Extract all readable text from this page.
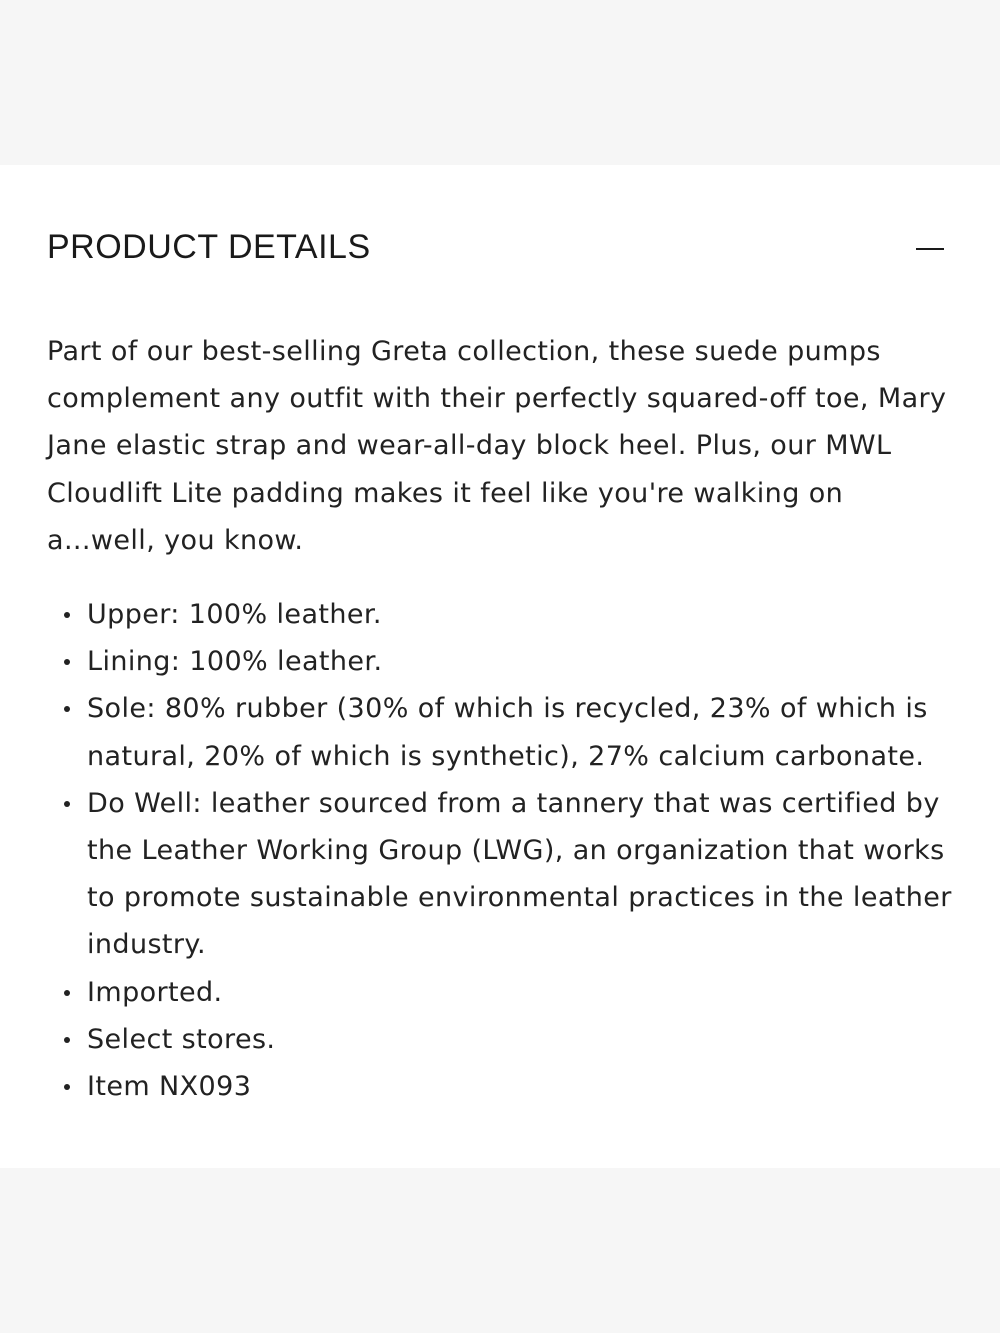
PRODUCT DETAILS

Part of our best-selling Greta collection, these suede pumps complement any outfit with their perfectly squared-off toe, Mary Jane elastic strap and wear-all-day block heel. Plus, our MWL Cloudlift Lite padding makes it feel like you're walking on a...well, you know.

Upper: 100% leather.
Lining: 100% leather.
Sole: 80% rubber (30% of which is recycled, 23% of which is natural, 20% of which is synthetic), 27% calcium carbonate.
Do Well: leather sourced from a tannery that was certified by the Leather Working Group (LWG), an organization that works to promote sustainable environmental practices in the leather industry.
Imported.
Select stores.
Item NX093
